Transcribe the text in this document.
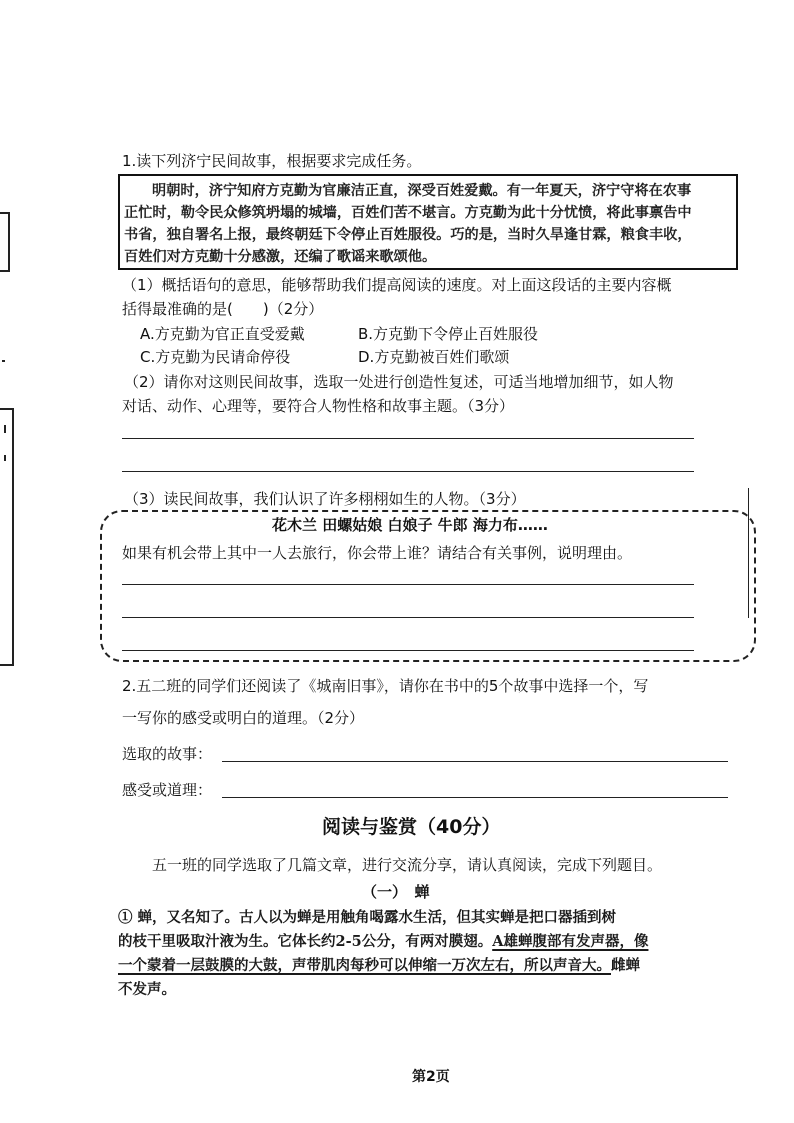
1.读下列济宁民间故事，根据要求完成任务。
明朝时，济宁知府方克勤为官廉洁正直，深受百姓爱戴。有一年夏天，济宁守将在农事
正忙时，勒令民众修筑坍塌的城墙，百姓们苦不堪言。方克勤为此十分忧愤，将此事禀告中
书省，独自署名上报，最终朝廷下令停止百姓服役。巧的是，当时久旱逢甘霖，粮食丰收，
百姓们对方克勤十分感激，还编了歌谣来歌颂他。
（1）概括语句的意思，能够帮助我们提高阅读的速度。对上面这段话的主要内容概
括得最准确的是(　　)（2分）
A.方克勤为官正直受爱戴	B.方克勤下令停止百姓服役
C.方克勤为民请命停役	D.方克勤被百姓们歌颂
（2）请你对这则民间故事，选取一处进行创造性复述，可适当地增加细节，如人物
对话、动作、心理等，要符合人物性格和故事主题。（3分）
（3）读民间故事，我们认识了许多栩栩如生的人物。（3分）
花木兰 田螺姑娘 白娘子 牛郎 海力布……
如果有机会带上其中一人去旅行，你会带上谁？请结合有关事例，说明理由。
2.五二班的同学们还阅读了《城南旧事》，请你在书中的5个故事中选择一个，写
一写你的感受或明白的道理。（2分）
选取的故事：
感受或道理：
阅读与鉴赏（40分）
五一班的同学选取了几篇文章，进行交流分享，请认真阅读，完成下列题目。
（一）　蝉
① 蝉，又名知了。古人以为蝉是用触角喝露水生活，但其实蝉是把口器插到树
的枝干里吸取汁液为生。它体长约2-5公分，有两对膜翅。A雄蝉腹部有发声器，像
一个蒙着一层鼓膜的大鼓，声带肌肉每秒可以伸缩一万次左右，所以声音大。雌蝉
不发声。
第2页
